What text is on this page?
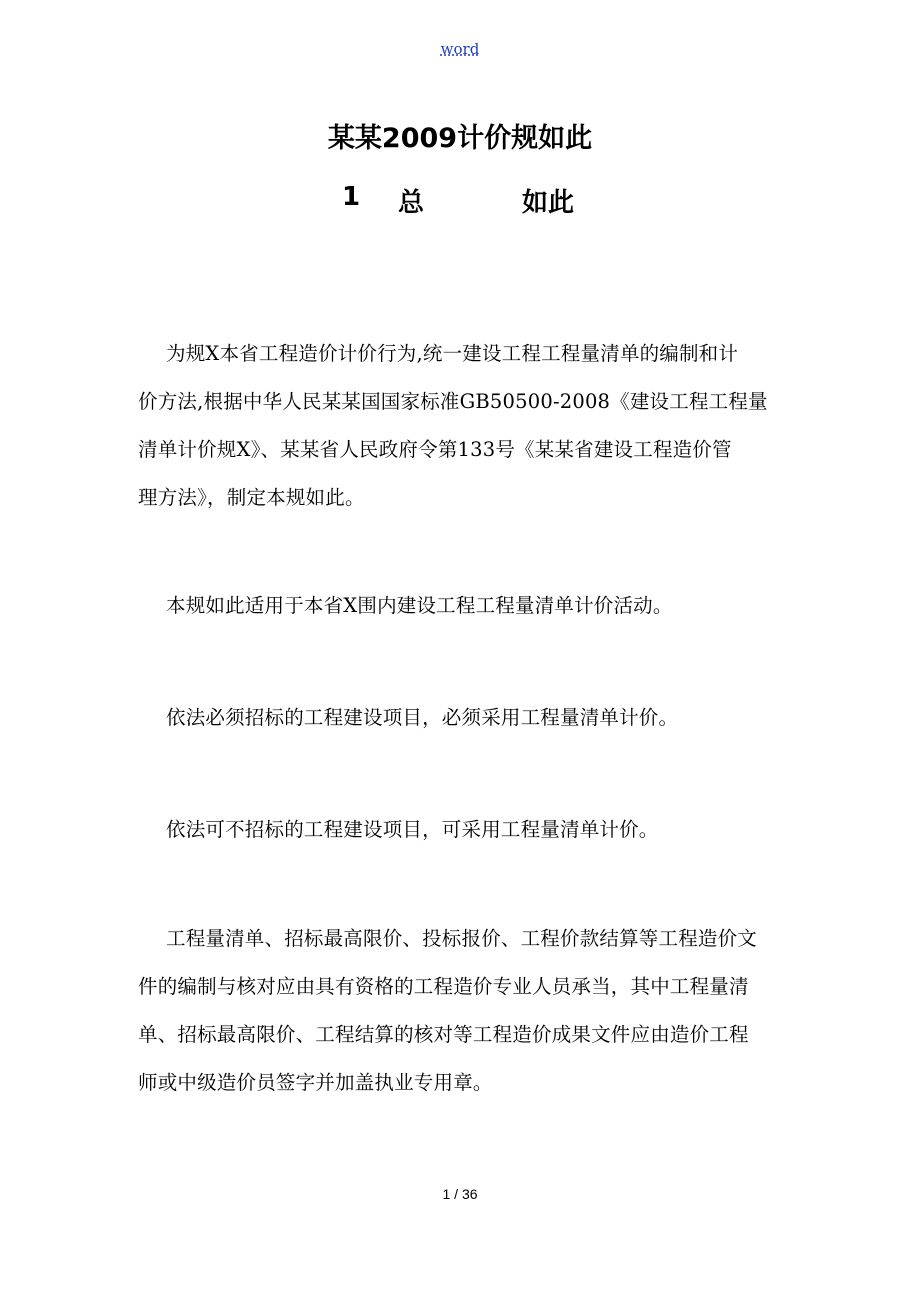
word
某某2009计价规如此
1 总	如此

为规X本省工程造价计价行为,统一建设工程工程量清单的编制和计
价方法,根据中华人民某某国国家标准GB50500-2008《建设工程工程量
清单计价规X》、某某省人民政府令第133号《某某省建设工程造价管
理方法》，制定本规如此。

本规如此适用于本省X围内建设工程工程量清单计价活动。

依法必须招标的工程建设项目，必须采用工程量清单计价。

依法可不招标的工程建设项目，可采用工程量清单计价。

工程量清单、招标最高限价、投标报价、工程价款结算等工程造价文
件的编制与核对应由具有资格的工程造价专业人员承当，其中工程量清
单、招标最高限价、工程结算的核对等工程造价成果文件应由造价工程
师或中级造价员签字并加盖执业专用章。

1 / 36
